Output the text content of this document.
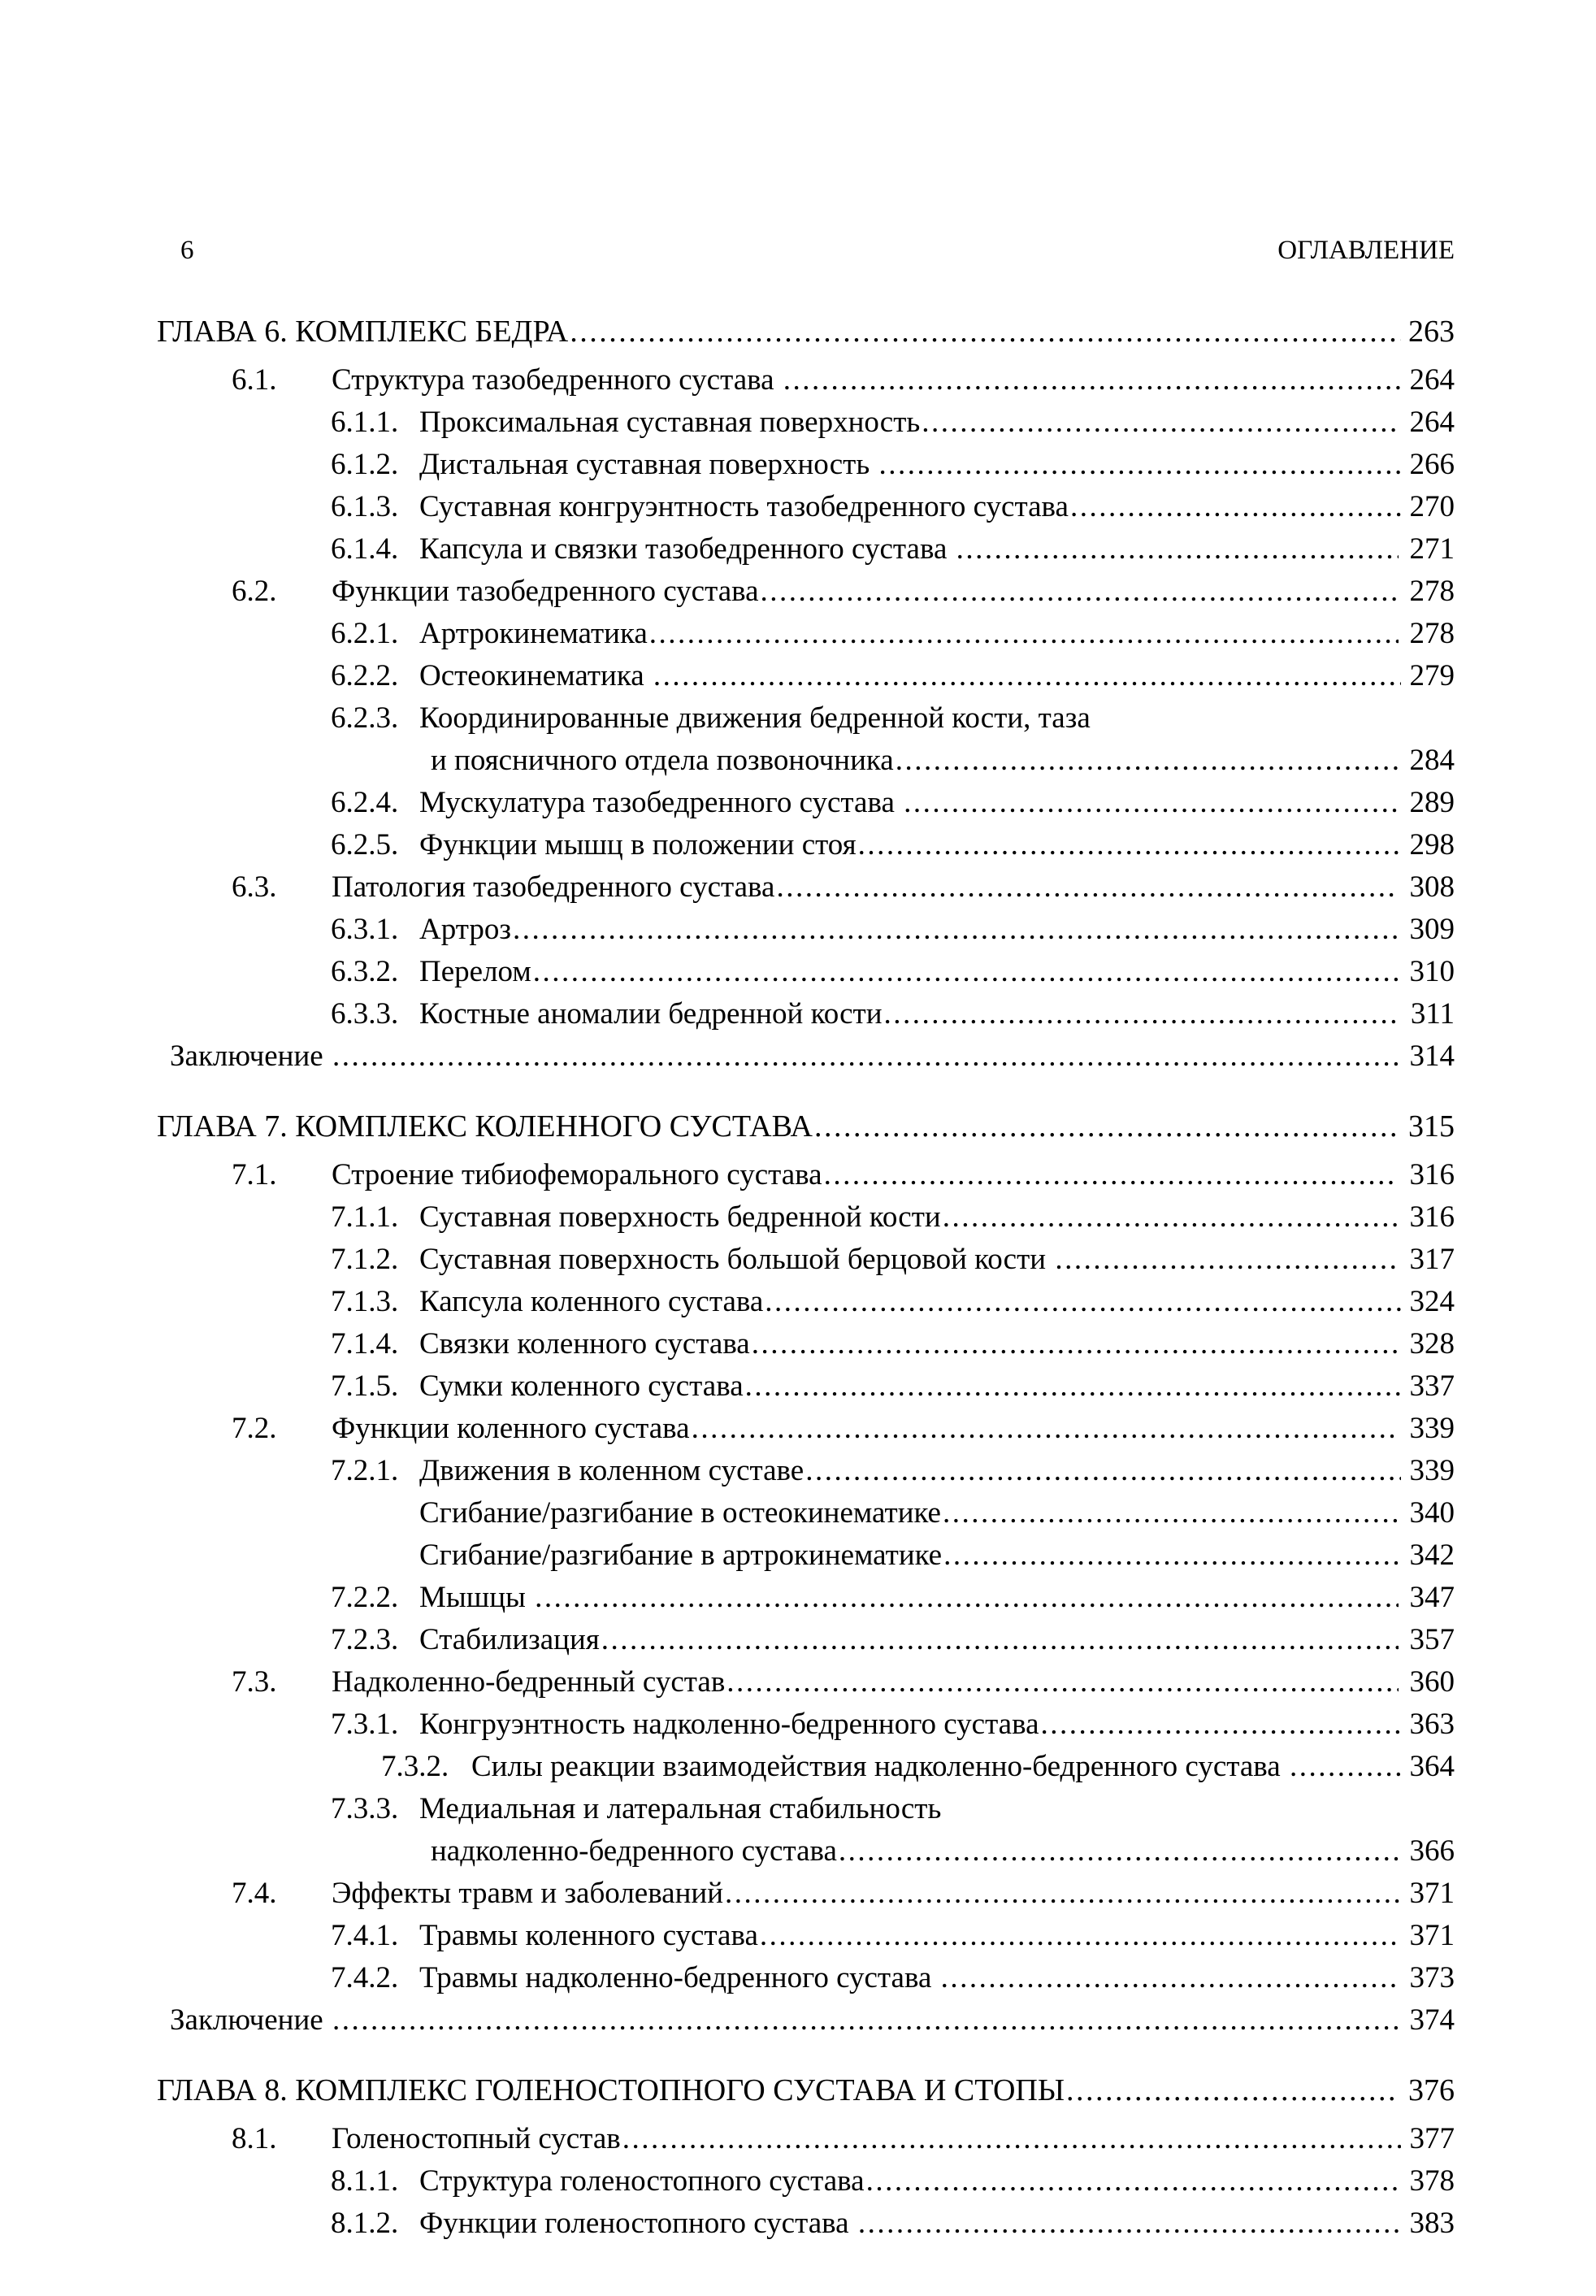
6	ОГЛАВЛЕНИЕ
ГЛАВА 6. КОМПЛЕКС БЕДРА .....	263
6.1.	Структура тазобедренного сустава .....	264
6.1.1. Проксимальная суставная поверхность .....	264
6.1.2. Дистальная суставная поверхность .....	266
6.1.3. Суставная конгруэнтность тазобедренного сустава .....	270
6.1.4. Капсула и связки тазобедренного сустава .....	271
6.2.	Функции тазобедренного сустава .....	278
6.2.1. Артрокинематика .....	278
6.2.2. Остеокинематика .....	279
6.2.3. Координированные движения бедренной кости, таза
и поясничного отдела позвоночника .....	284
6.2.4. Мускулатура тазобедренного сустава .....	289
6.2.5. Функции мышц в положении стоя .....	298
6.3.	Патология тазобедренного сустава .....	308
6.3.1. Артроз .....	309
6.3.2. Перелом .....	310
6.3.3. Костные аномалии бедренной кости .....	311
Заключение .....	314
ГЛАВА 7. КОМПЛЕКС КОЛЕННОГО СУСТАВА .....	315
7.1.	Строение тибиофеморального сустава .....	316
7.1.1. Суставная поверхность бедренной кости .....	316
7.1.2. Суставная поверхность большой берцовой кости .....	317
7.1.3. Капсула коленного сустава .....	324
7.1.4. Связки коленного сустава .....	328
7.1.5. Сумки коленного сустава .....	337
7.2.	Функции коленного сустава .....	339
7.2.1. Движения в коленном суставе .....	339
Сгибание/разгибание в остеокинематике .....	340
Сгибание/разгибание в артрокинематике .....	342
7.2.2. Мышцы .....	347
7.2.3. Стабилизация .....	357
7.3.	Надколенно-бедренный сустав .....	360
7.3.1. Конгруэнтность надколенно-бедренного сустава .....	363
7.3.2. Силы реакции взаимодействия надколенно-бедренного сустава .....	364
7.3.3. Медиальная и латеральная стабильность
надколенно-бедренного сустава .....	366
7.4.	Эффекты травм и заболеваний .....	371
7.4.1. Травмы коленного сустава .....	371
7.4.2. Травмы надколенно-бедренного сустава .....	373
Заключение .....	374
ГЛАВА 8. КОМПЛЕКС ГОЛЕНОСТОПНОГО СУСТАВА И СТОПЫ .....	376
8.1.	Голеностопный сустав .....	377
8.1.1. Структура голеностопного сустава .....	378
8.1.2. Функции голеностопного сустава .....	383
